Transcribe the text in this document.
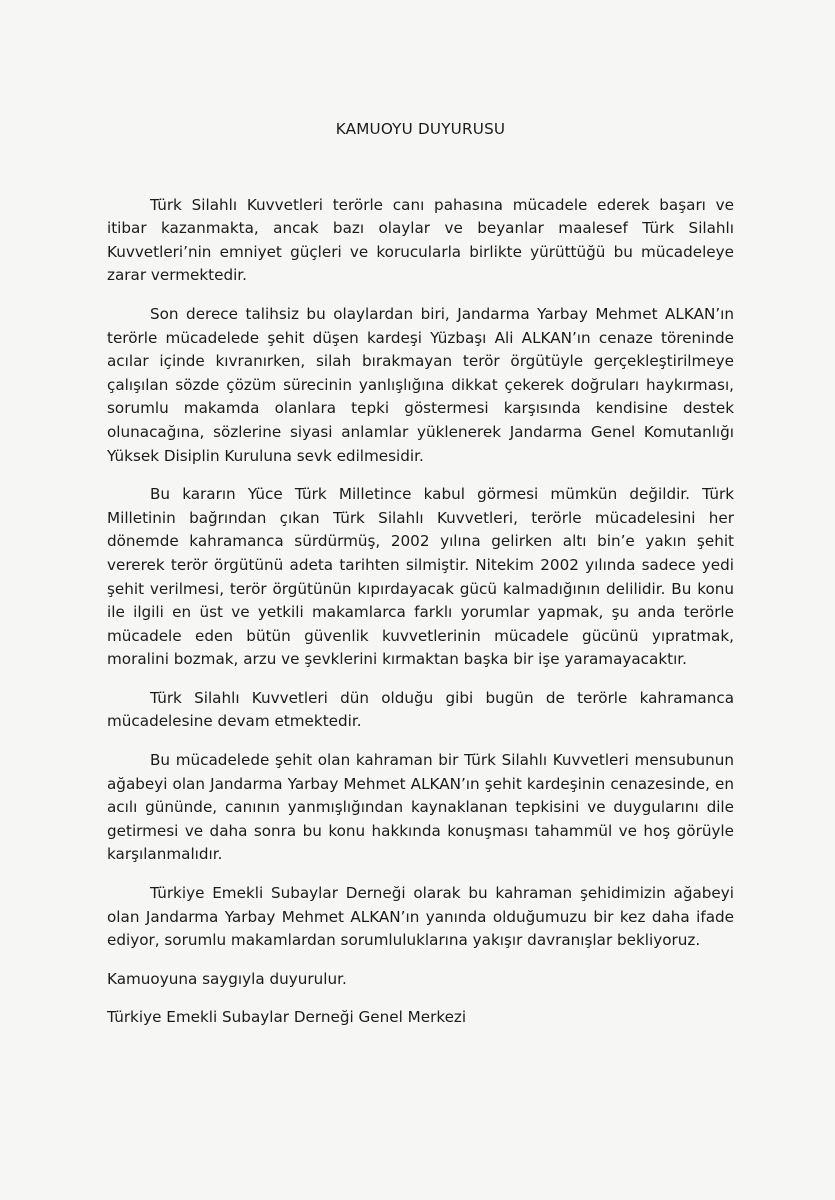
KAMUOYU DUYURUSU

Türk Silahlı Kuvvetleri terörle canı pahasına mücadele ederek başarı ve itibar kazanmakta, ancak bazı olaylar ve beyanlar maalesef Türk Silahlı Kuvvetleri’nin emniyet güçleri ve korucularla birlikte yürüttüğü bu mücadeleye zarar vermektedir.

Son derece talihsiz bu olaylardan biri, Jandarma Yarbay Mehmet ALKAN’ın terörle mücadelede şehit düşen kardeşi Yüzbaşı Ali ALKAN’ın cenaze töreninde acılar içinde kıvranırken, silah bırakmayan terör örgütüyle gerçekleştirilmeye çalışılan sözde çözüm sürecinin yanlışlığına dikkat çekerek doğruları haykırması, sorumlu makamda olanlara tepki göstermesi karşısında kendisine destek olunacağına, sözlerine siyasi anlamlar yüklenerek Jandarma Genel Komutanlığı Yüksek Disiplin Kuruluna sevk edilmesidir.

Bu kararın Yüce Türk Milletince kabul görmesi mümkün değildir. Türk Milletinin bağrından çıkan Türk Silahlı Kuvvetleri, terörle mücadelesini her dönemde kahramanca sürdürmüş, 2002 yılına gelirken altı bin’e yakın şehit vererek terör örgütünü adeta tarihten silmiştir. Nitekim 2002 yılında sadece yedi şehit verilmesi, terör örgütünün kıpırdayacak gücü kalmadığının delilidir. Bu konu ile ilgili en üst ve yetkili makamlarca farklı yorumlar yapmak, şu anda terörle mücadele eden bütün güvenlik kuvvetlerinin mücadele gücünü yıpratmak, moralini bozmak, arzu ve şevklerini kırmaktan başka bir işe yaramayacaktır.

Türk Silahlı Kuvvetleri dün olduğu gibi bugün de terörle kahramanca mücadelesine devam etmektedir.

Bu mücadelede şehit olan kahraman bir Türk Silahlı Kuvvetleri mensubunun ağabeyi olan Jandarma Yarbay Mehmet ALKAN’ın şehit kardeşinin cenazesinde, en acılı gününde, canının yanmışlığından kaynaklanan tepkisini ve duygularını dile getirmesi ve daha sonra bu konu hakkında konuşması tahammül ve hoş görüyle karşılanmalıdır.

Türkiye Emekli Subaylar Derneği olarak bu kahraman şehidimizin ağabeyi olan Jandarma Yarbay Mehmet ALKAN’ın yanında olduğumuzu bir kez daha ifade ediyor, sorumlu makamlardan sorumluluklarına yakışır davranışlar bekliyoruz.

Kamuoyuna saygıyla duyurulur.

Türkiye Emekli Subaylar Derneği Genel Merkezi
